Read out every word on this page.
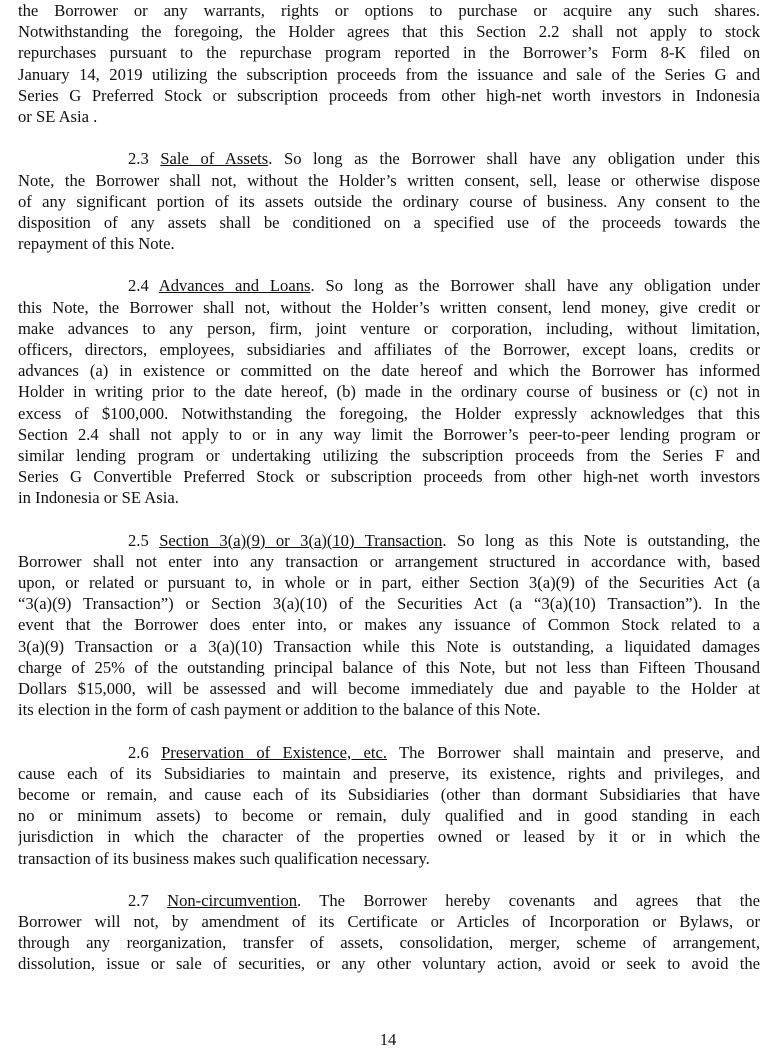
the Borrower or any warrants, rights or options to purchase or acquire any such shares.
Notwithstanding the foregoing, the Holder agrees that this Section 2.2 shall not apply to stock
repurchases pursuant to the repurchase program reported in the Borrower’s Form 8-K filed on
January 14, 2019 utilizing the subscription proceeds from the issuance and sale of the Series G and
Series G Preferred Stock or subscription proceeds from other high-net worth investors in Indonesia
or SE Asia .
2.3 Sale of Assets. So long as the Borrower shall have any obligation under this
Note, the Borrower shall not, without the Holder’s written consent, sell, lease or otherwise dispose
of any significant portion of its assets outside the ordinary course of business. Any consent to the
disposition of any assets shall be conditioned on a specified use of the proceeds towards the
repayment of this Note.
2.4 Advances and Loans. So long as the Borrower shall have any obligation under
this Note, the Borrower shall not, without the Holder’s written consent, lend money, give credit or
make advances to any person, firm, joint venture or corporation, including, without limitation,
officers, directors, employees, subsidiaries and affiliates of the Borrower, except loans, credits or
advances (a) in existence or committed on the date hereof and which the Borrower has informed
Holder in writing prior to the date hereof, (b) made in the ordinary course of business or (c) not in
excess of $100,000. Notwithstanding the foregoing, the Holder expressly acknowledges that this
Section 2.4 shall not apply to or in any way limit the Borrower’s peer-to-peer lending program or
similar lending program or undertaking utilizing the subscription proceeds from the Series F and
Series G Convertible Preferred Stock or subscription proceeds from other high-net worth investors
in Indonesia or SE Asia.
2.5 Section 3(a)(9) or 3(a)(10) Transaction. So long as this Note is outstanding, the
Borrower shall not enter into any transaction or arrangement structured in accordance with, based
upon, or related or pursuant to, in whole or in part, either Section 3(a)(9) of the Securities Act (a
“3(a)(9) Transaction”) or Section 3(a)(10) of the Securities Act (a “3(a)(10) Transaction”). In the
event that the Borrower does enter into, or makes any issuance of Common Stock related to a
3(a)(9) Transaction or a 3(a)(10) Transaction while this Note is outstanding, a liquidated damages
charge of 25% of the outstanding principal balance of this Note, but not less than Fifteen Thousand
Dollars $15,000, will be assessed and will become immediately due and payable to the Holder at
its election in the form of cash payment or addition to the balance of this Note.
2.6 Preservation of Existence, etc. The Borrower shall maintain and preserve, and
cause each of its Subsidiaries to maintain and preserve, its existence, rights and privileges, and
become or remain, and cause each of its Subsidiaries (other than dormant Subsidiaries that have
no or minimum assets) to become or remain, duly qualified and in good standing in each
jurisdiction in which the character of the properties owned or leased by it or in which the
transaction of its business makes such qualification necessary.
2.7 Non-circumvention. The Borrower hereby covenants and agrees that the
Borrower will not, by amendment of its Certificate or Articles of Incorporation or Bylaws, or
through any reorganization, transfer of assets, consolidation, merger, scheme of arrangement,
dissolution, issue or sale of securities, or any other voluntary action, avoid or seek to avoid the
14
